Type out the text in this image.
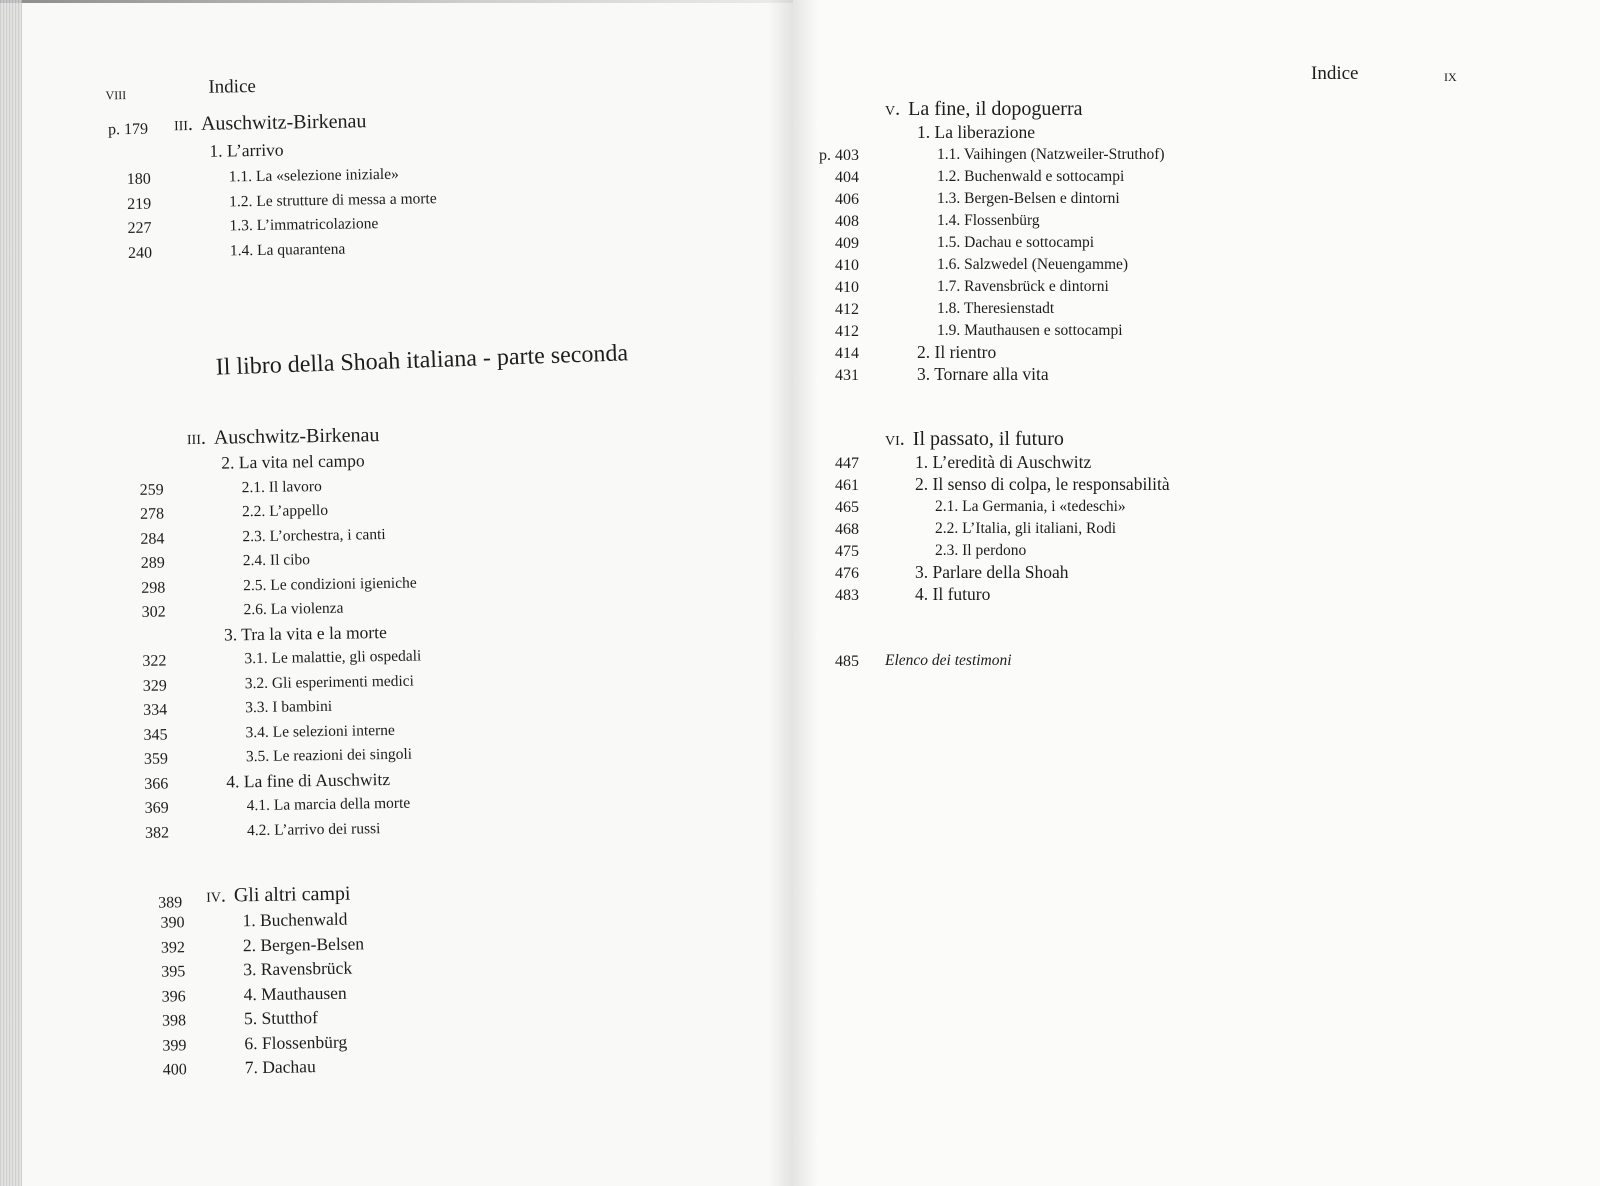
viii	Indice
p. 179 iii. Auschwitz-Birkenau
1. L’arrivo
180	1.1. La «selezione iniziale»
219	1.2. Le strutture di messa a morte
227	1.3. L’immatricolazione
240	1.4. La quarantena
Il libro della Shoah italiana - parte seconda
iii. Auschwitz-Birkenau
2. La vita nel campo
259	2.1. Il lavoro
278	2.2. L’appello
284	2.3. L’orchestra, i canti
289	2.4. Il cibo
298	2.5. Le condizioni igieniche
302	2.6. La violenza
3. Tra la vita e la morte
322	3.1. Le malattie, gli ospedali
329	3.2. Gli esperimenti medici
334	3.3. I bambini
345	3.4. Le selezioni interne
359	3.5. Le reazioni dei singoli
366	4. La fine di Auschwitz
369	4.1. La marcia della morte
382	4.2. L’arrivo dei russi
389 iv. Gli altri campi
390	1. Buchenwald
392	2. Bergen-Belsen
395	3. Ravensbrück
396	4. Mauthausen
398	5. Stutthof
399	6. Flossenbürg
400	7. Dachau
Indice	ix
v. La fine, il dopoguerra
1. La liberazione
p. 403	1.1. Vaihingen (Natzweiler-Struthof)
404	1.2. Buchenwald e sottocampi
406	1.3. Bergen-Belsen e dintorni
408	1.4. Flossenbürg
409	1.5. Dachau e sottocampi
410	1.6. Salzwedel (Neuengamme)
410	1.7. Ravensbrück e dintorni
412	1.8. Theresienstadt
412	1.9. Mauthausen e sottocampi
414	2. Il rientro
431	3. Tornare alla vita
vi. Il passato, il futuro
447	1. L’eredità di Auschwitz
461	2. Il senso di colpa, le responsabilità
465	2.1. La Germania, i «tedeschi»
468	2.2. L’Italia, gli italiani, Rodi
475	2.3. Il perdono
476	3. Parlare della Shoah
483	4. Il futuro
485 Elenco dei testimoni
